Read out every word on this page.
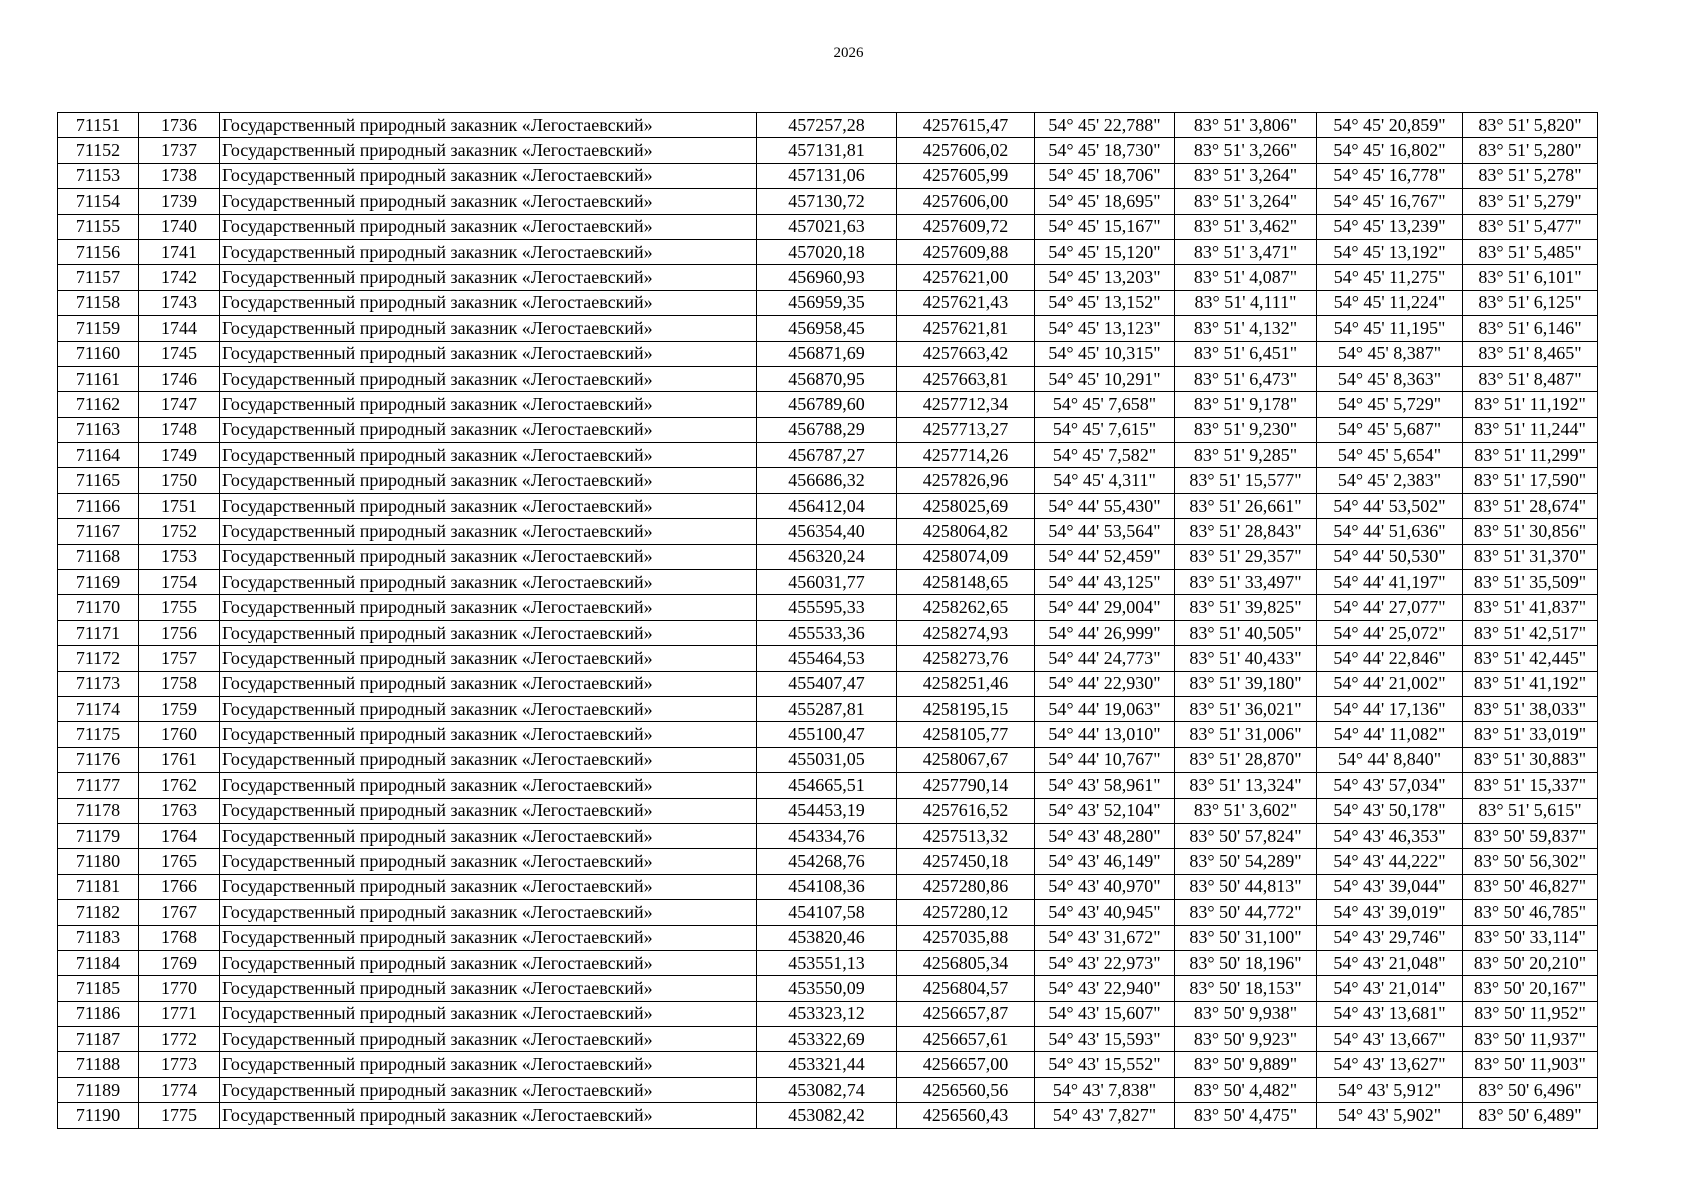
2026
71151	1736	Государственный природный заказник «Легостаевский»	457257,28	4257615,47	54° 45' 22,788"	83° 51' 3,806"	54° 45' 20,859"	83° 51' 5,820"
71152	1737	Государственный природный заказник «Легостаевский»	457131,81	4257606,02	54° 45' 18,730"	83° 51' 3,266"	54° 45' 16,802"	83° 51' 5,280"
71153	1738	Государственный природный заказник «Легостаевский»	457131,06	4257605,99	54° 45' 18,706"	83° 51' 3,264"	54° 45' 16,778"	83° 51' 5,278"
71154	1739	Государственный природный заказник «Легостаевский»	457130,72	4257606,00	54° 45' 18,695"	83° 51' 3,264"	54° 45' 16,767"	83° 51' 5,279"
71155	1740	Государственный природный заказник «Легостаевский»	457021,63	4257609,72	54° 45' 15,167"	83° 51' 3,462"	54° 45' 13,239"	83° 51' 5,477"
71156	1741	Государственный природный заказник «Легостаевский»	457020,18	4257609,88	54° 45' 15,120"	83° 51' 3,471"	54° 45' 13,192"	83° 51' 5,485"
71157	1742	Государственный природный заказник «Легостаевский»	456960,93	4257621,00	54° 45' 13,203"	83° 51' 4,087"	54° 45' 11,275"	83° 51' 6,101"
71158	1743	Государственный природный заказник «Легостаевский»	456959,35	4257621,43	54° 45' 13,152"	83° 51' 4,111"	54° 45' 11,224"	83° 51' 6,125"
71159	1744	Государственный природный заказник «Легостаевский»	456958,45	4257621,81	54° 45' 13,123"	83° 51' 4,132"	54° 45' 11,195"	83° 51' 6,146"
71160	1745	Государственный природный заказник «Легостаевский»	456871,69	4257663,42	54° 45' 10,315"	83° 51' 6,451"	54° 45' 8,387"	83° 51' 8,465"
71161	1746	Государственный природный заказник «Легостаевский»	456870,95	4257663,81	54° 45' 10,291"	83° 51' 6,473"	54° 45' 8,363"	83° 51' 8,487"
71162	1747	Государственный природный заказник «Легостаевский»	456789,60	4257712,34	54° 45' 7,658"	83° 51' 9,178"	54° 45' 5,729"	83° 51' 11,192"
71163	1748	Государственный природный заказник «Легостаевский»	456788,29	4257713,27	54° 45' 7,615"	83° 51' 9,230"	54° 45' 5,687"	83° 51' 11,244"
71164	1749	Государственный природный заказник «Легостаевский»	456787,27	4257714,26	54° 45' 7,582"	83° 51' 9,285"	54° 45' 5,654"	83° 51' 11,299"
71165	1750	Государственный природный заказник «Легостаевский»	456686,32	4257826,96	54° 45' 4,311"	83° 51' 15,577"	54° 45' 2,383"	83° 51' 17,590"
71166	1751	Государственный природный заказник «Легостаевский»	456412,04	4258025,69	54° 44' 55,430"	83° 51' 26,661"	54° 44' 53,502"	83° 51' 28,674"
71167	1752	Государственный природный заказник «Легостаевский»	456354,40	4258064,82	54° 44' 53,564"	83° 51' 28,843"	54° 44' 51,636"	83° 51' 30,856"
71168	1753	Государственный природный заказник «Легостаевский»	456320,24	4258074,09	54° 44' 52,459"	83° 51' 29,357"	54° 44' 50,530"	83° 51' 31,370"
71169	1754	Государственный природный заказник «Легостаевский»	456031,77	4258148,65	54° 44' 43,125"	83° 51' 33,497"	54° 44' 41,197"	83° 51' 35,509"
71170	1755	Государственный природный заказник «Легостаевский»	455595,33	4258262,65	54° 44' 29,004"	83° 51' 39,825"	54° 44' 27,077"	83° 51' 41,837"
71171	1756	Государственный природный заказник «Легостаевский»	455533,36	4258274,93	54° 44' 26,999"	83° 51' 40,505"	54° 44' 25,072"	83° 51' 42,517"
71172	1757	Государственный природный заказник «Легостаевский»	455464,53	4258273,76	54° 44' 24,773"	83° 51' 40,433"	54° 44' 22,846"	83° 51' 42,445"
71173	1758	Государственный природный заказник «Легостаевский»	455407,47	4258251,46	54° 44' 22,930"	83° 51' 39,180"	54° 44' 21,002"	83° 51' 41,192"
71174	1759	Государственный природный заказник «Легостаевский»	455287,81	4258195,15	54° 44' 19,063"	83° 51' 36,021"	54° 44' 17,136"	83° 51' 38,033"
71175	1760	Государственный природный заказник «Легостаевский»	455100,47	4258105,77	54° 44' 13,010"	83° 51' 31,006"	54° 44' 11,082"	83° 51' 33,019"
71176	1761	Государственный природный заказник «Легостаевский»	455031,05	4258067,67	54° 44' 10,767"	83° 51' 28,870"	54° 44' 8,840"	83° 51' 30,883"
71177	1762	Государственный природный заказник «Легостаевский»	454665,51	4257790,14	54° 43' 58,961"	83° 51' 13,324"	54° 43' 57,034"	83° 51' 15,337"
71178	1763	Государственный природный заказник «Легостаевский»	454453,19	4257616,52	54° 43' 52,104"	83° 51' 3,602"	54° 43' 50,178"	83° 51' 5,615"
71179	1764	Государственный природный заказник «Легостаевский»	454334,76	4257513,32	54° 43' 48,280"	83° 50' 57,824"	54° 43' 46,353"	83° 50' 59,837"
71180	1765	Государственный природный заказник «Легостаевский»	454268,76	4257450,18	54° 43' 46,149"	83° 50' 54,289"	54° 43' 44,222"	83° 50' 56,302"
71181	1766	Государственный природный заказник «Легостаевский»	454108,36	4257280,86	54° 43' 40,970"	83° 50' 44,813"	54° 43' 39,044"	83° 50' 46,827"
71182	1767	Государственный природный заказник «Легостаевский»	454107,58	4257280,12	54° 43' 40,945"	83° 50' 44,772"	54° 43' 39,019"	83° 50' 46,785"
71183	1768	Государственный природный заказник «Легостаевский»	453820,46	4257035,88	54° 43' 31,672"	83° 50' 31,100"	54° 43' 29,746"	83° 50' 33,114"
71184	1769	Государственный природный заказник «Легостаевский»	453551,13	4256805,34	54° 43' 22,973"	83° 50' 18,196"	54° 43' 21,048"	83° 50' 20,210"
71185	1770	Государственный природный заказник «Легостаевский»	453550,09	4256804,57	54° 43' 22,940"	83° 50' 18,153"	54° 43' 21,014"	83° 50' 20,167"
71186	1771	Государственный природный заказник «Легостаевский»	453323,12	4256657,87	54° 43' 15,607"	83° 50' 9,938"	54° 43' 13,681"	83° 50' 11,952"
71187	1772	Государственный природный заказник «Легостаевский»	453322,69	4256657,61	54° 43' 15,593"	83° 50' 9,923"	54° 43' 13,667"	83° 50' 11,937"
71188	1773	Государственный природный заказник «Легостаевский»	453321,44	4256657,00	54° 43' 15,552"	83° 50' 9,889"	54° 43' 13,627"	83° 50' 11,903"
71189	1774	Государственный природный заказник «Легостаевский»	453082,74	4256560,56	54° 43' 7,838"	83° 50' 4,482"	54° 43' 5,912"	83° 50' 6,496"
71190	1775	Государственный природный заказник «Легостаевский»	453082,42	4256560,43	54° 43' 7,827"	83° 50' 4,475"	54° 43' 5,902"	83° 50' 6,489"
